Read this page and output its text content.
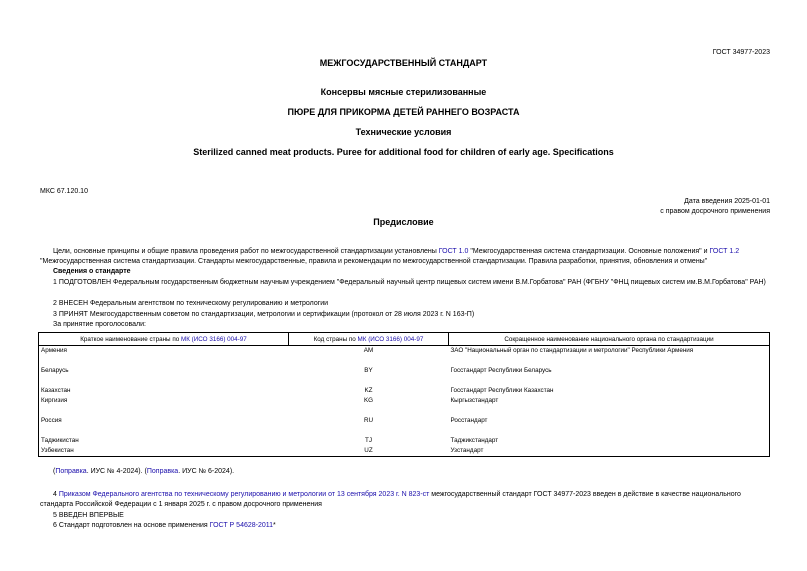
ГОСТ 34977-2023
МЕЖГОСУДАРСТВЕННЫЙ СТАНДАРТ
Консервы мясные стерилизованные
ПЮРЕ ДЛЯ ПРИКОРМА ДЕТЕЙ РАННЕГО ВОЗРАСТА
Технические условия
Sterilized canned meat products. Puree for additional food for children of early age. Specifications
МКС 67.120.10
Дата введения 2025-01-01
с правом досрочного применения
Предисловие
Цели, основные принципы и общие правила проведения работ по межгосударственной стандартизации установлены ГОСТ 1.0 "Межгосударственная система стандартизации. Основные положения" и ГОСТ 1.2 "Межгосударственная система стандартизации. Стандарты межгосударственные, правила и рекомендации по межгосударственной стандартизации. Правила разработки, принятия, обновления и отмены"
Сведения о стандарте
1 ПОДГОТОВЛЕН Федеральным государственным бюджетным научным учреждением "Федеральный научный центр пищевых систем имени В.М.Горбатова" РАН (ФГБНУ "ФНЦ пищевых систем им.В.М.Горбатова" РАН)
2 ВНЕСЕН Федеральным агентством по техническому регулированию и метрологии
3 ПРИНЯТ Межгосударственным советом по стандартизации, метрологии и сертификации (протокол от 28 июля 2023 г. N 163-П)
За принятие проголосовали:
Краткое наименование страны по МК (ИСО 3166) 004-97	Код страны по МК (ИСО 3166) 004-97	Сокращенное наименование национального органа по стандартизации
Армения	AM	ЗАО "Национальный орган по стандартизации и метрологии" Республики Армения

Беларусь	BY	Госстандарт Республики Беларусь

Казахстан	KZ	Госстандарт Республики Казахстан
Киргизия	KG	Кыргызстандарт

Россия	RU	Росстандарт

Таджикистан	TJ	Таджикстандарт
Узбекистан	UZ	Узстандарт
(Поправка. ИУС № 4-2024). (Поправка. ИУС № 6-2024).
4 Приказом Федерального агентства по техническому регулированию и метрологии от 13 сентября 2023 г. N 823-ст межгосударственный стандарт ГОСТ 34977-2023 введен в действие в качестве национального стандарта Российской Федерации с 1 января 2025 г. с правом досрочного применения
5 ВВЕДЕН ВПЕРВЫЕ
6 Стандарт подготовлен на основе применения ГОСТ Р 54628-2011*
